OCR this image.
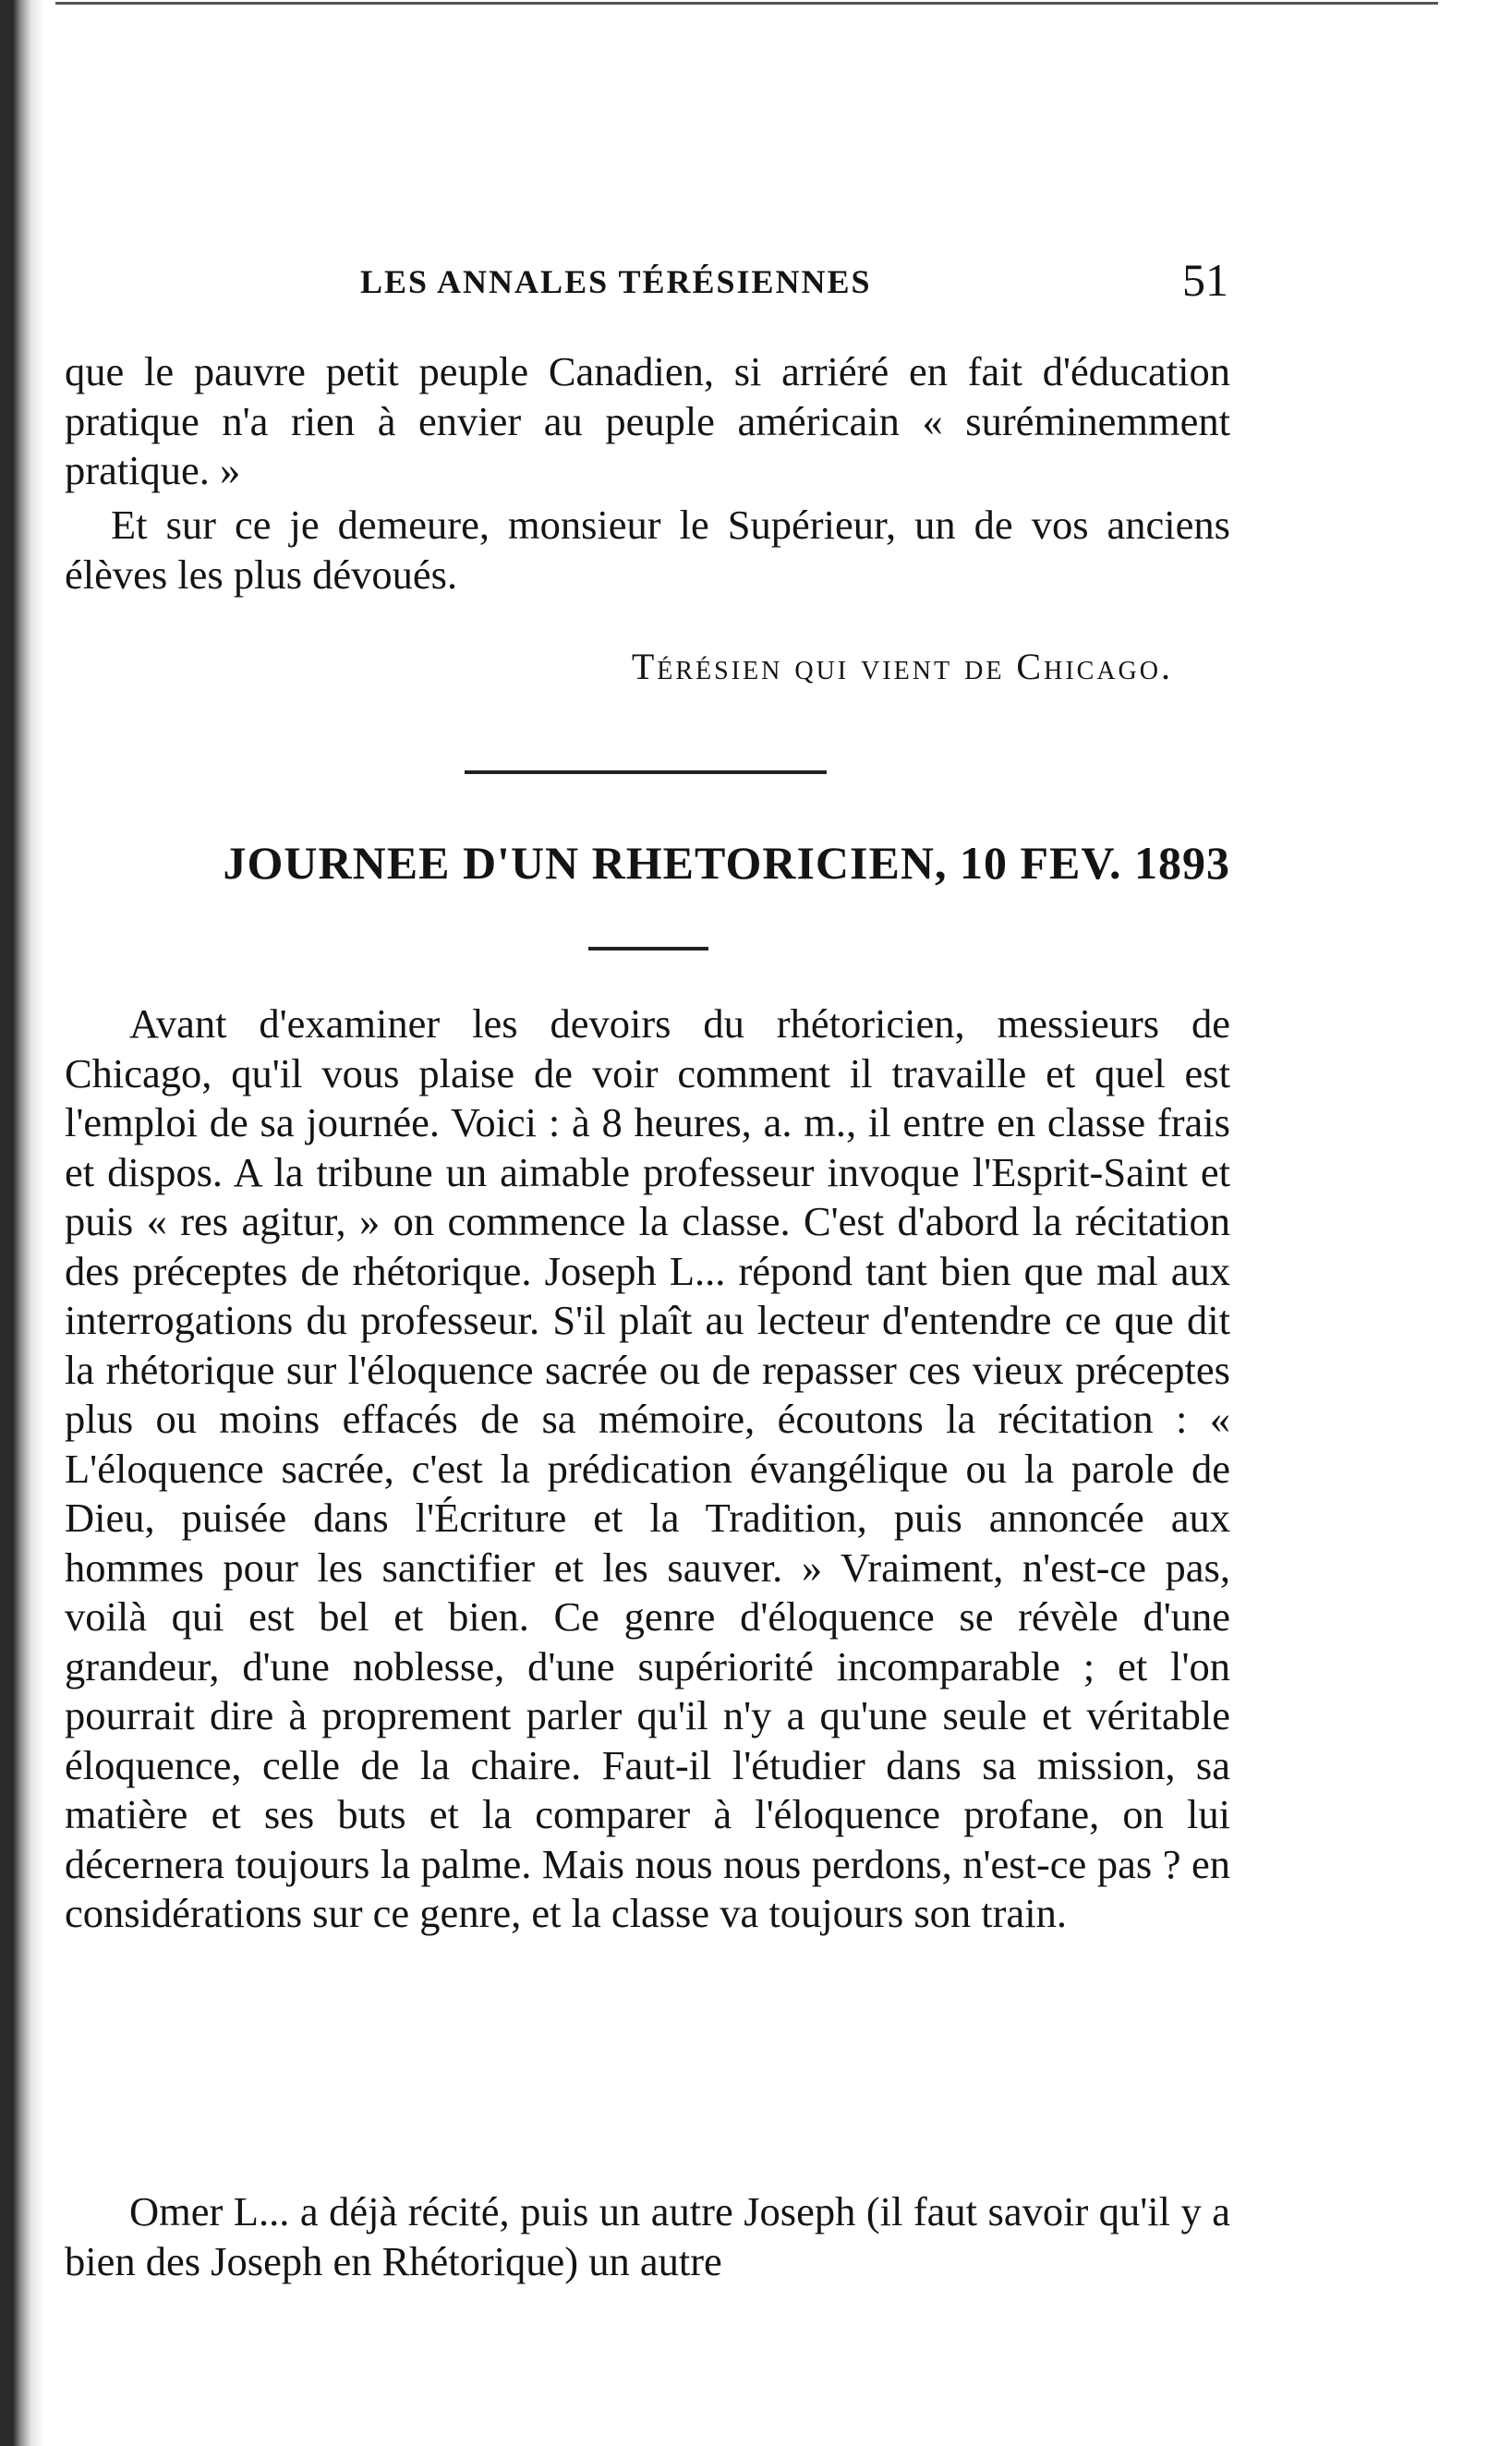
LES ANNALES TÉRÉSIENNES	51

que le pauvre petit peuple Canadien, si arriéré en fait d'éducation pratique n'a rien à envier au peuple américain « suréminemment pratique. »

Et sur ce je demeure, monsieur le Supérieur, un de vos anciens élèves les plus dévoués.

Térésien qui vient de Chicago.
JOURNEE D'UN RHETORICIEN, 10 FEV. 1893

Avant d'examiner les devoirs du rhétoricien, messieurs de Chicago, qu'il vous plaise de voir comment il travaille et quel est l'emploi de sa journée. Voici : à 8 heures, a. m., il entre en classe frais et dispos. A la tribune un aimable professeur invoque l'Esprit-Saint et puis « res agitur, » on commence la classe. C'est d'abord la récitation des préceptes de rhétorique. Joseph L... répond tant bien que mal aux interrogations du professeur. S'il plaît au lecteur d'entendre ce que dit la rhétorique sur l'éloquence sacrée ou de repasser ces vieux préceptes plus ou moins effacés de sa mémoire, écoutons la récitation : « L'éloquence sacrée, c'est la prédication évangélique ou la parole de Dieu, puisée dans l'Écriture et la Tradition, puis annoncée aux hommes pour les sanctifier et les sauver. » Vraiment, n'est-ce pas, voilà qui est bel et bien. Ce genre d'éloquence se révèle d'une grandeur, d'une noblesse, d'une supériorité incomparable ; et l'on pourrait dire à proprement parler qu'il n'y a qu'une seule et véritable éloquence, celle de la chaire. Faut-il l'étudier dans sa mission, sa matière et ses buts et la comparer à l'éloquence profane, on lui décernera toujours la palme. Mais nous nous perdons, n'est-ce pas ? en considérations sur ce genre, et la classe va toujours son train.

Omer L... a déjà récité, puis un autre Joseph (il faut savoir qu'il y a bien des Joseph en Rhétorique) un autre
